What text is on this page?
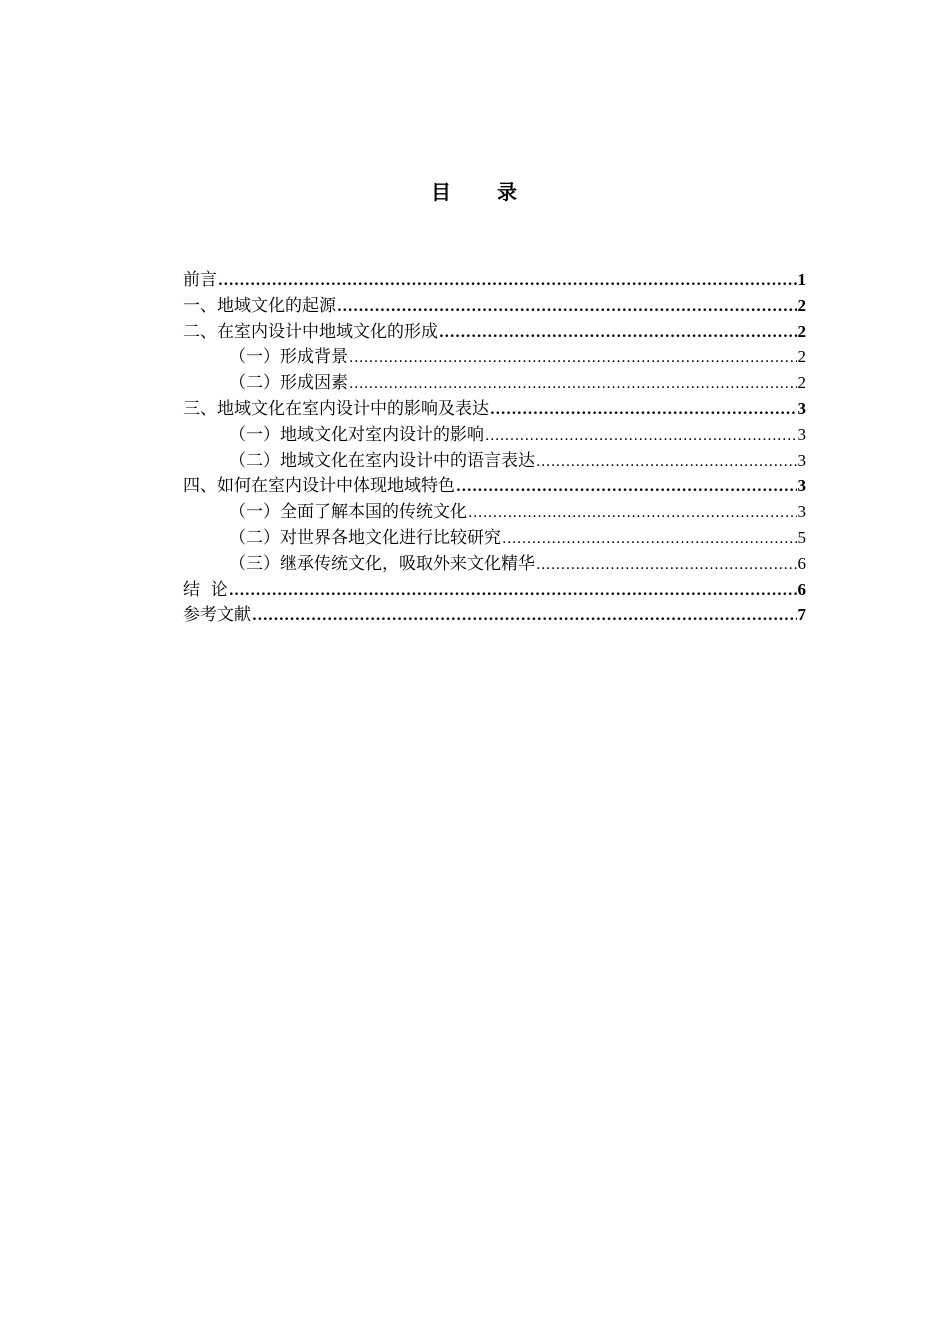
目　　录
前言 .....	1
一、地域文化的起源 .....	2
二、在室内设计中地域文化的形成 .....	2
（一）形成背景 .....	2
（二）形成因素 .....	2
三、地域文化在室内设计中的影响及表达 .....	3
（一）地域文化对室内设计的影响 .....	3
（二）地域文化在室内设计中的语言表达 .....	3
四、如何在室内设计中体现地域特色 .....	3
（一）全面了解本国的传统文化 .....	3
（二）对世界各地文化进行比较研究 .....	5
（三）继承传统文化，吸取外来文化精华 .....	6
结  论 .....	6
参考文献 .....	7
